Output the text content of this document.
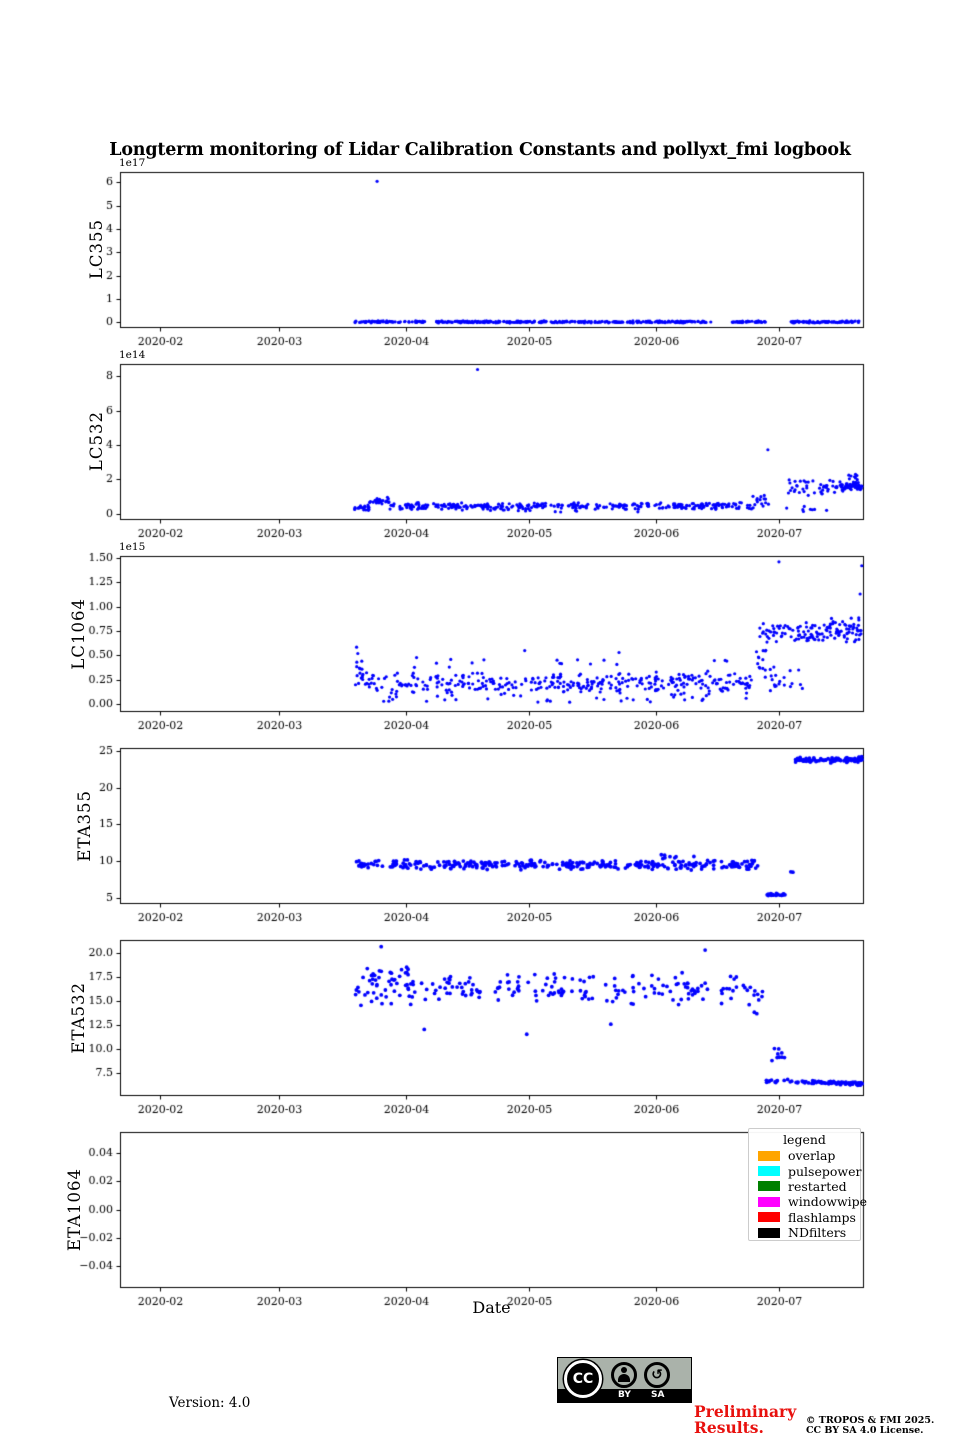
LC355
LC532
LC1064
ETA355
ETA532
ETA1064
1e17
1e14
1e15
Date
legend
overlap
pulsepower
restarted
windowwipe
flashlamps
NDfilters
Version: 4.0	BY SA
CC	↺
Preliminary
Results.	© TROPOS & FMI 2025.
CC BY SA 4.0 License.
